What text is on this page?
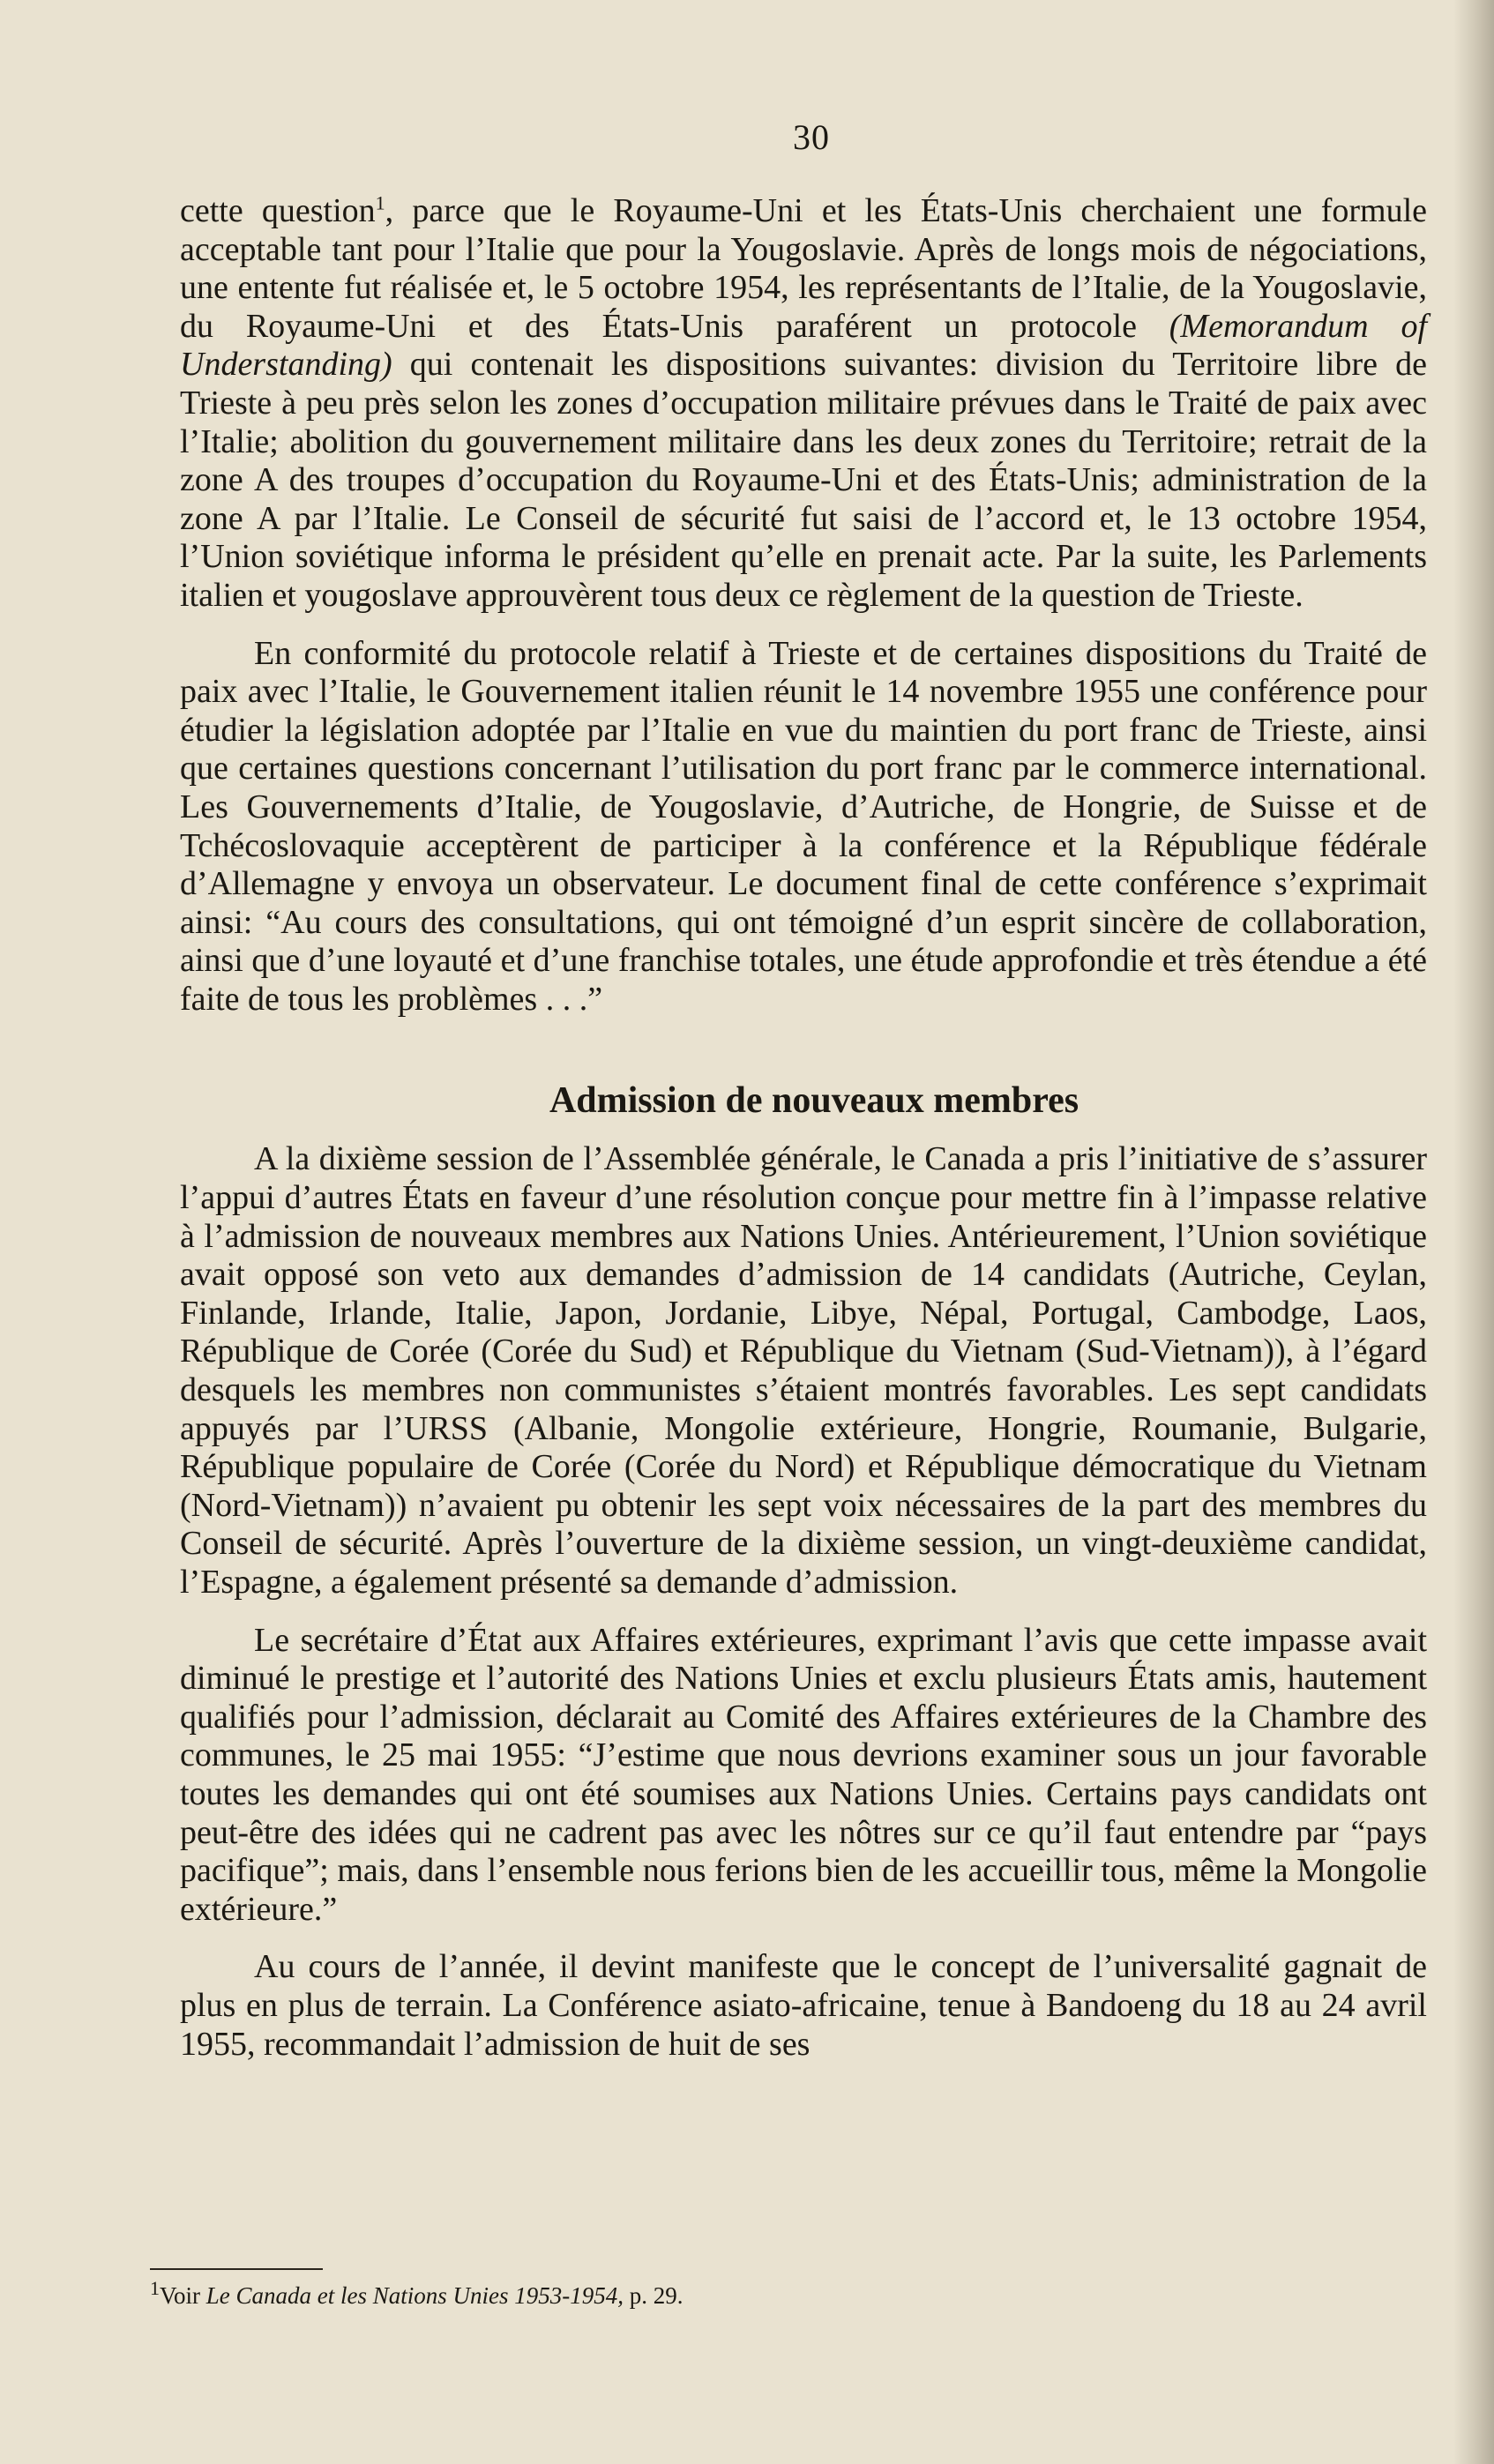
30

cette question$^1$, parce que le Royaume-Uni et les États-Unis cherchaient une formule acceptable tant pour l’Italie que pour la Yougoslavie. Après de longs mois de négociations, une entente fut réalisée et, le 5 octobre 1954, les représentants de l’Italie, de la Yougoslavie, du Royaume-Uni et des États-Unis paraférent un protocole (Memorandum of Understanding) qui contenait les dispositions suivantes: division du Territoire libre de Trieste à peu près selon les zones d’occupation militaire prévues dans le Traité de paix avec l’Italie; abolition du gouvernement militaire dans les deux zones du Territoire; retrait de la zone A des troupes d’occupation du Royaume-Uni et des États-Unis; administration de la zone A par l’Italie. Le Conseil de sécurité fut saisi de l’accord et, le 13 octobre 1954, l’Union soviétique informa le président qu’elle en prenait acte. Par la suite, les Parlements italien et yougoslave approuvèrent tous deux ce règlement de la question de Trieste.

En conformité du protocole relatif à Trieste et de certaines dispositions du Traité de paix avec l’Italie, le Gouvernement italien réunit le 14 novembre 1955 une conférence pour étudier la législation adoptée par l’Italie en vue du maintien du port franc de Trieste, ainsi que certaines questions concernant l’utilisation du port franc par le commerce international. Les Gouvernements d’Italie, de Yougoslavie, d’Autriche, de Hongrie, de Suisse et de Tchécoslovaquie acceptèrent de participer à la conférence et la République fédérale d’Allemagne y envoya un observateur. Le document final de cette conférence s’exprimait ainsi: “Au cours des consultations, qui ont témoigné d’un esprit sincère de collaboration, ainsi que d’une loyauté et d’une franchise totales, une étude approfondie et très étendue a été faite de tous les problèmes . . .”

Admission de nouveaux membres

A la dixième session de l’Assemblée générale, le Canada a pris l’initiative de s’assurer l’appui d’autres États en faveur d’une résolution conçue pour mettre fin à l’impasse relative à l’admission de nouveaux membres aux Nations Unies. Antérieurement, l’Union soviétique avait opposé son veto aux demandes d’admission de 14 candidats (Autriche, Ceylan, Finlande, Irlande, Italie, Japon, Jordanie, Libye, Népal, Portugal, Cambodge, Laos, République de Corée (Corée du Sud) et République du Vietnam (Sud-Vietnam)), à l’égard desquels les membres non communistes s’étaient montrés favorables. Les sept candidats appuyés par l’URSS (Albanie, Mongolie extérieure, Hongrie, Roumanie, Bulgarie, République populaire de Corée (Corée du Nord) et République démocratique du Vietnam (Nord-Vietnam)) n’avaient pu obtenir les sept voix nécessaires de la part des membres du Conseil de sécurité. Après l’ouverture de la dixième session, un vingt-deuxième candidat, l’Espagne, a également présenté sa demande d’admission.

Le secrétaire d’État aux Affaires extérieures, exprimant l’avis que cette impasse avait diminué le prestige et l’autorité des Nations Unies et exclu plusieurs États amis, hautement qualifiés pour l’admission, déclarait au Comité des Affaires extérieures de la Chambre des communes, le 25 mai 1955: “J’estime que nous devrions examiner sous un jour favorable toutes les demandes qui ont été soumises aux Nations Unies. Certains pays candidats ont peut-être des idées qui ne cadrent pas avec les nôtres sur ce qu’il faut entendre par “pays pacifique”; mais, dans l’ensemble nous ferions bien de les accueillir tous, même la Mongolie extérieure.”

Au cours de l’année, il devint manifeste que le concept de l’universalité gagnait de plus en plus de terrain. La Conférence asiato-africaine, tenue à Bandoeng du 18 au 24 avril 1955, recommandait l’admission de huit de ses

$^1$Voir Le Canada et les Nations Unies 1953-1954, p. 29.
